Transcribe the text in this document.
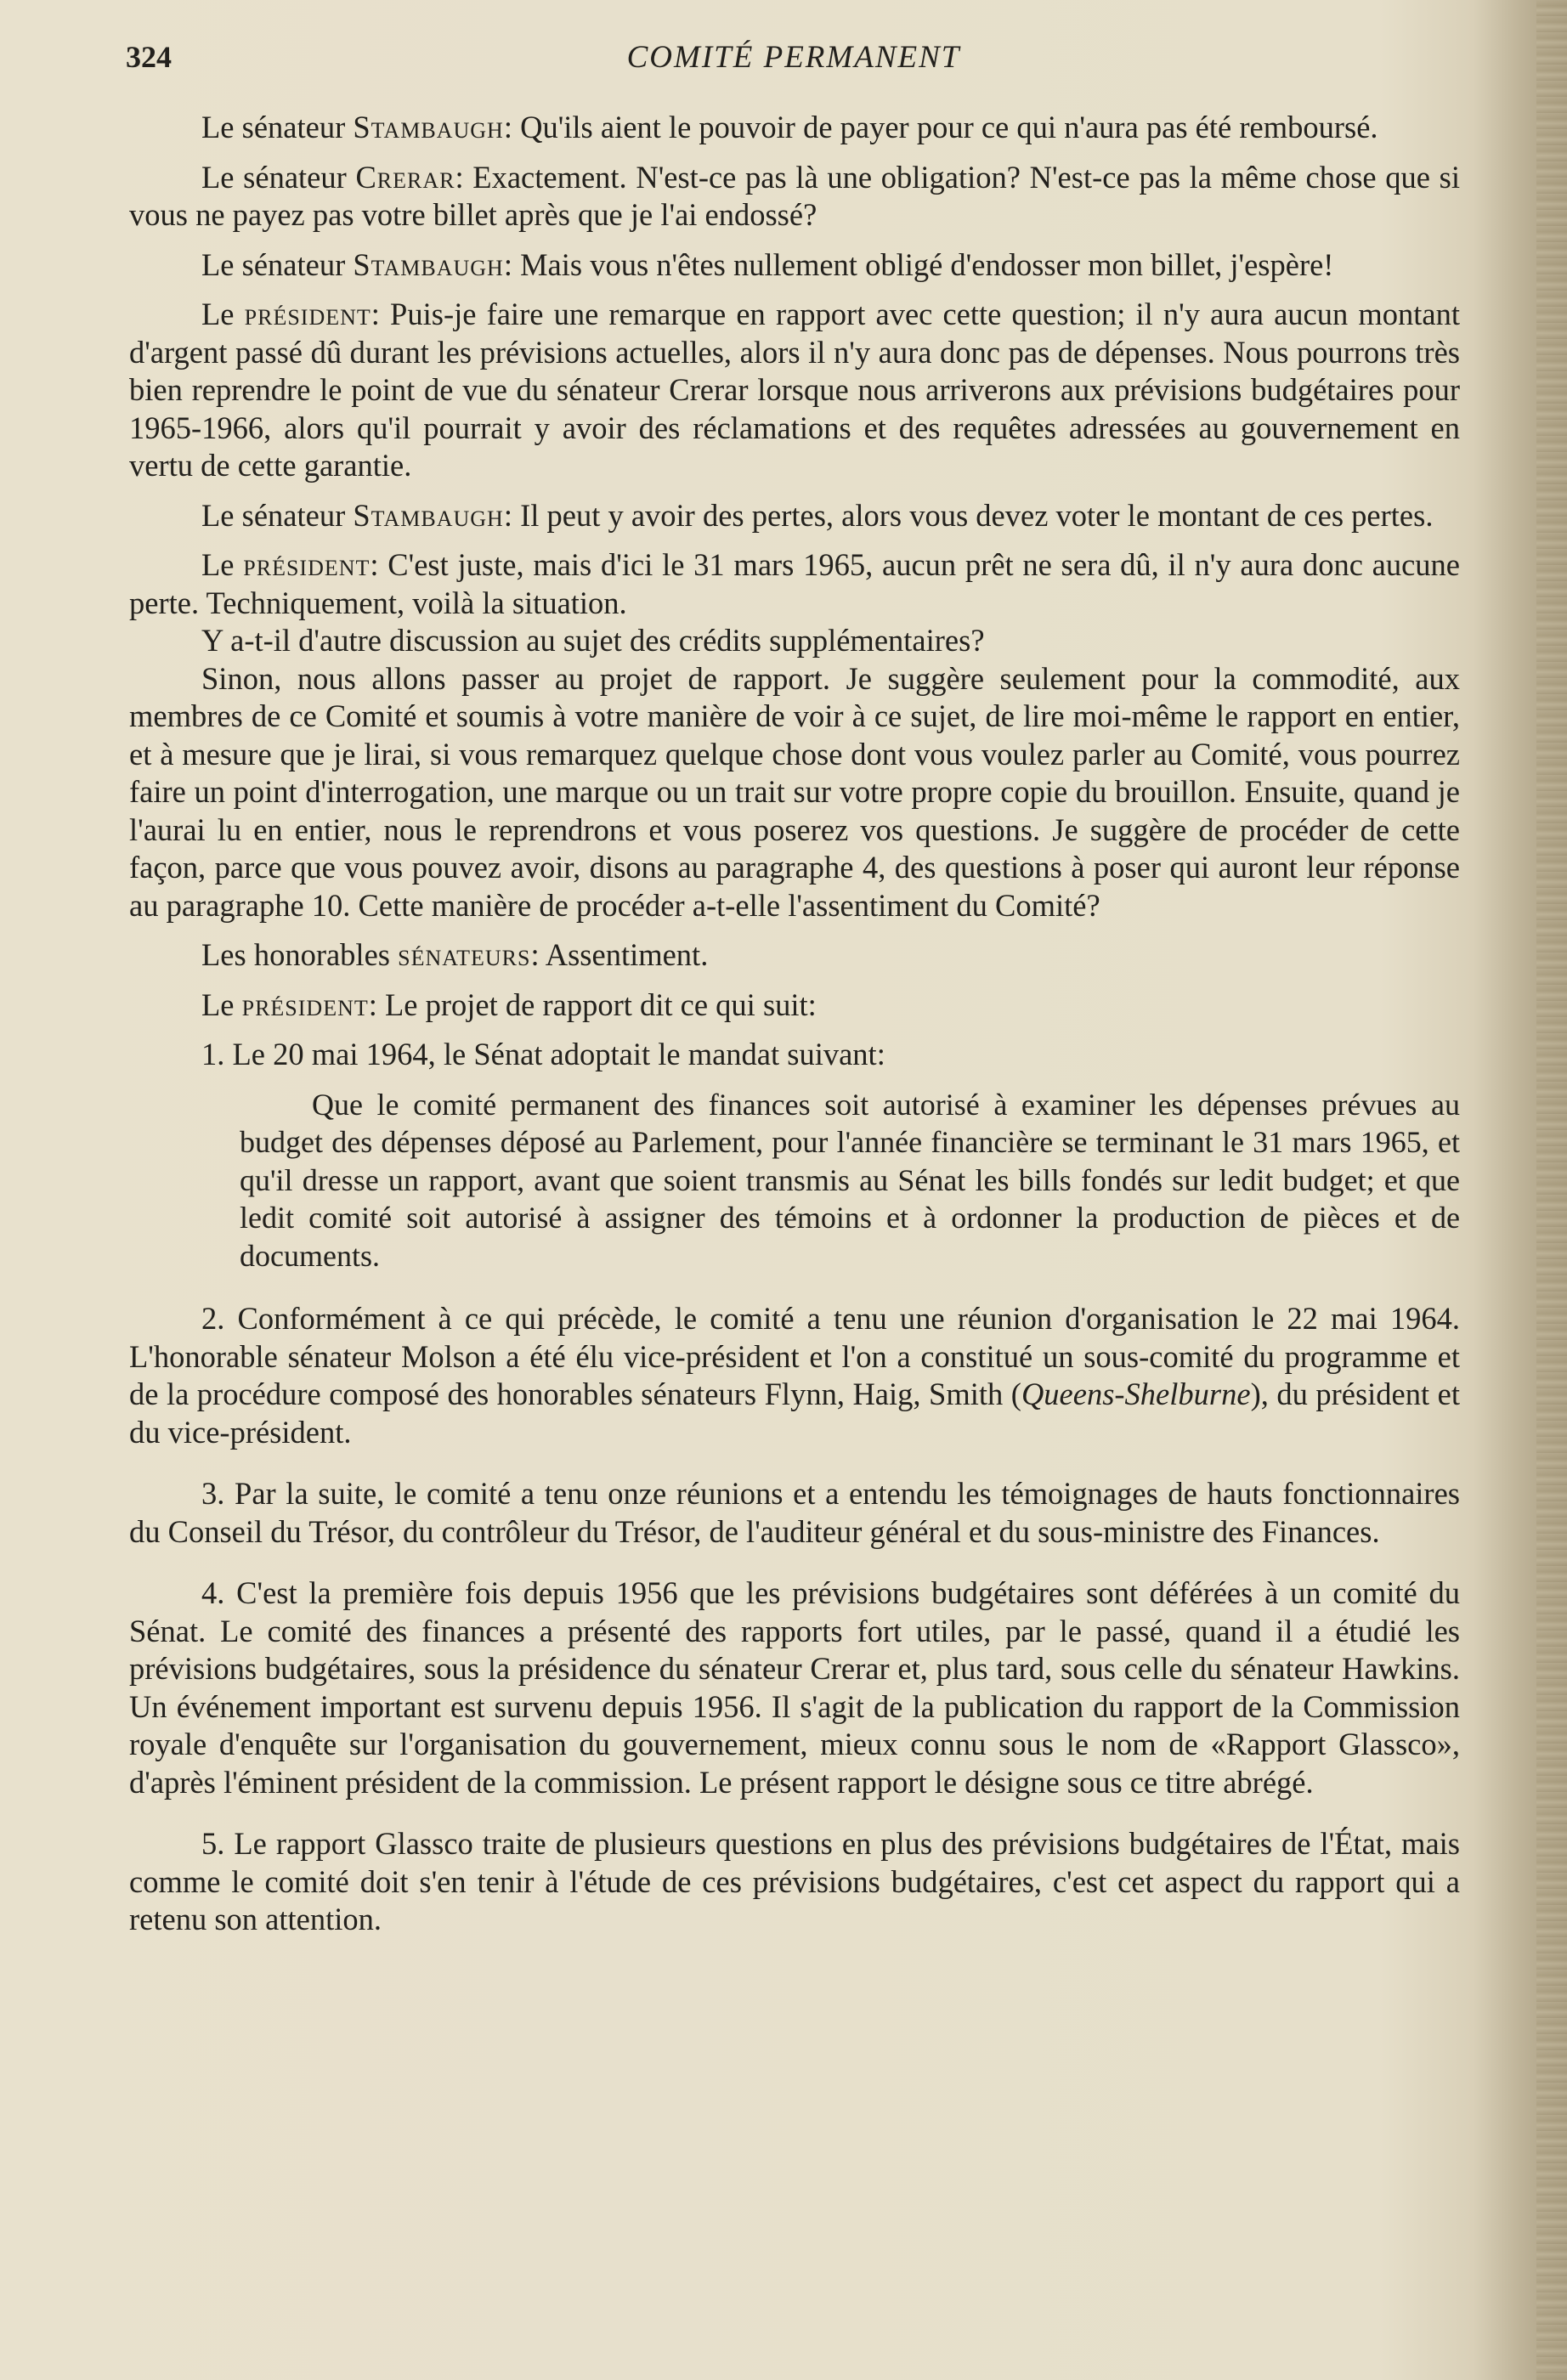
324	COMITÉ PERMANENT

Le sénateur Stambaugh: Qu'ils aient le pouvoir de payer pour ce qui n'aura pas été remboursé.

Le sénateur Crerar: Exactement. N'est-ce pas là une obligation? N'est-ce pas la même chose que si vous ne payez pas votre billet après que je l'ai endossé?

Le sénateur Stambaugh: Mais vous n'êtes nullement obligé d'endosser mon billet, j'espère!

Le président: Puis-je faire une remarque en rapport avec cette question; il n'y aura aucun montant d'argent passé dû durant les prévisions actuelles, alors il n'y aura donc pas de dépenses. Nous pourrons très bien reprendre le point de vue du sénateur Crerar lorsque nous arriverons aux prévisions budgétaires pour 1965-1966, alors qu'il pourrait y avoir des réclamations et des requêtes adressées au gouvernement en vertu de cette garantie.

Le sénateur Stambaugh: Il peut y avoir des pertes, alors vous devez voter le montant de ces pertes.

Le président: C'est juste, mais d'ici le 31 mars 1965, aucun prêt ne sera dû, il n'y aura donc aucune perte. Techniquement, voilà la situation.

Y a-t-il d'autre discussion au sujet des crédits supplémentaires?

Sinon, nous allons passer au projet de rapport. Je suggère seulement pour la commodité, aux membres de ce Comité et soumis à votre manière de voir à ce sujet, de lire moi-même le rapport en entier, et à mesure que je lirai, si vous remarquez quelque chose dont vous voulez parler au Comité, vous pourrez faire un point d'interrogation, une marque ou un trait sur votre propre copie du brouillon. Ensuite, quand je l'aurai lu en entier, nous le reprendrons et vous poserez vos questions. Je suggère de procéder de cette façon, parce que vous pouvez avoir, disons au paragraphe 4, des questions à poser qui auront leur réponse au paragraphe 10. Cette manière de procéder a-t-elle l'assentiment du Comité?

Les honorables sénateurs: Assentiment.

Le président: Le projet de rapport dit ce qui suit:

1. Le 20 mai 1964, le Sénat adoptait le mandat suivant:

Que le comité permanent des finances soit autorisé à examiner les dépenses prévues au budget des dépenses déposé au Parlement, pour l'année financière se terminant le 31 mars 1965, et qu'il dresse un rapport, avant que soient transmis au Sénat les bills fondés sur ledit budget; et que ledit comité soit autorisé à assigner des témoins et à ordonner la production de pièces et de documents.

2. Conformément à ce qui précède, le comité a tenu une réunion d'organisation le 22 mai 1964. L'honorable sénateur Molson a été élu vice-président et l'on a constitué un sous-comité du programme et de la procédure composé des honorables sénateurs Flynn, Haig, Smith (Queens-Shelburne), du président et du vice-président.

3. Par la suite, le comité a tenu onze réunions et a entendu les témoignages de hauts fonctionnaires du Conseil du Trésor, du contrôleur du Trésor, de l'auditeur général et du sous-ministre des Finances.

4. C'est la première fois depuis 1956 que les prévisions budgétaires sont déférées à un comité du Sénat. Le comité des finances a présenté des rapports fort utiles, par le passé, quand il a étudié les prévisions budgétaires, sous la présidence du sénateur Crerar et, plus tard, sous celle du sénateur Hawkins. Un événement important est survenu depuis 1956. Il s'agit de la publication du rapport de la Commission royale d'enquête sur l'organisation du gouvernement, mieux connu sous le nom de «Rapport Glassco», d'après l'éminent président de la commission. Le présent rapport le désigne sous ce titre abrégé.

5. Le rapport Glassco traite de plusieurs questions en plus des prévisions budgétaires de l'État, mais comme le comité doit s'en tenir à l'étude de ces prévisions budgétaires, c'est cet aspect du rapport qui a retenu son attention.
